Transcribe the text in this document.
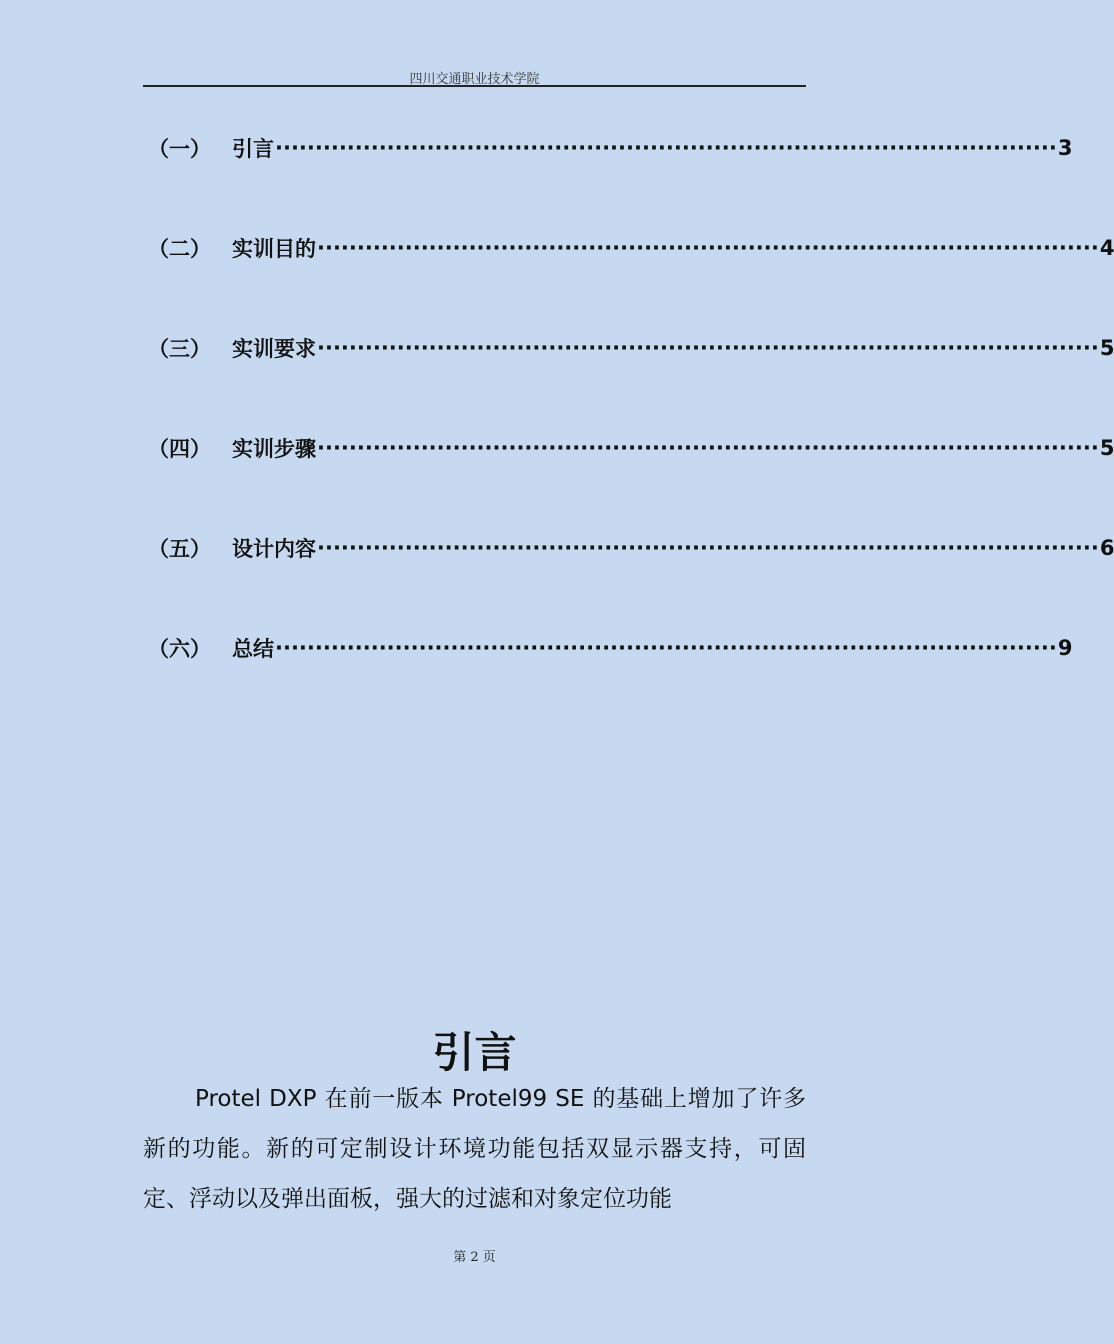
四川交通职业技术学院
（一）	引言 ·································································································· 3
（二）	实训目的 ·································································································· 4
（三）	实训要求 ·································································································· 5
（四）	实训步骤 ·································································································· 5
（五）	设计内容 ·································································································· 6
（六）	总结 ·································································································· 9
引言
Protel DXP 在前一版本 Protel99 SE 的基础上增加了许多新的功能。新的可定制设计环境功能包括双显示器支持，可固定、浮动以及弹出面板，强大的过滤和对象定位功能
第 2 页
